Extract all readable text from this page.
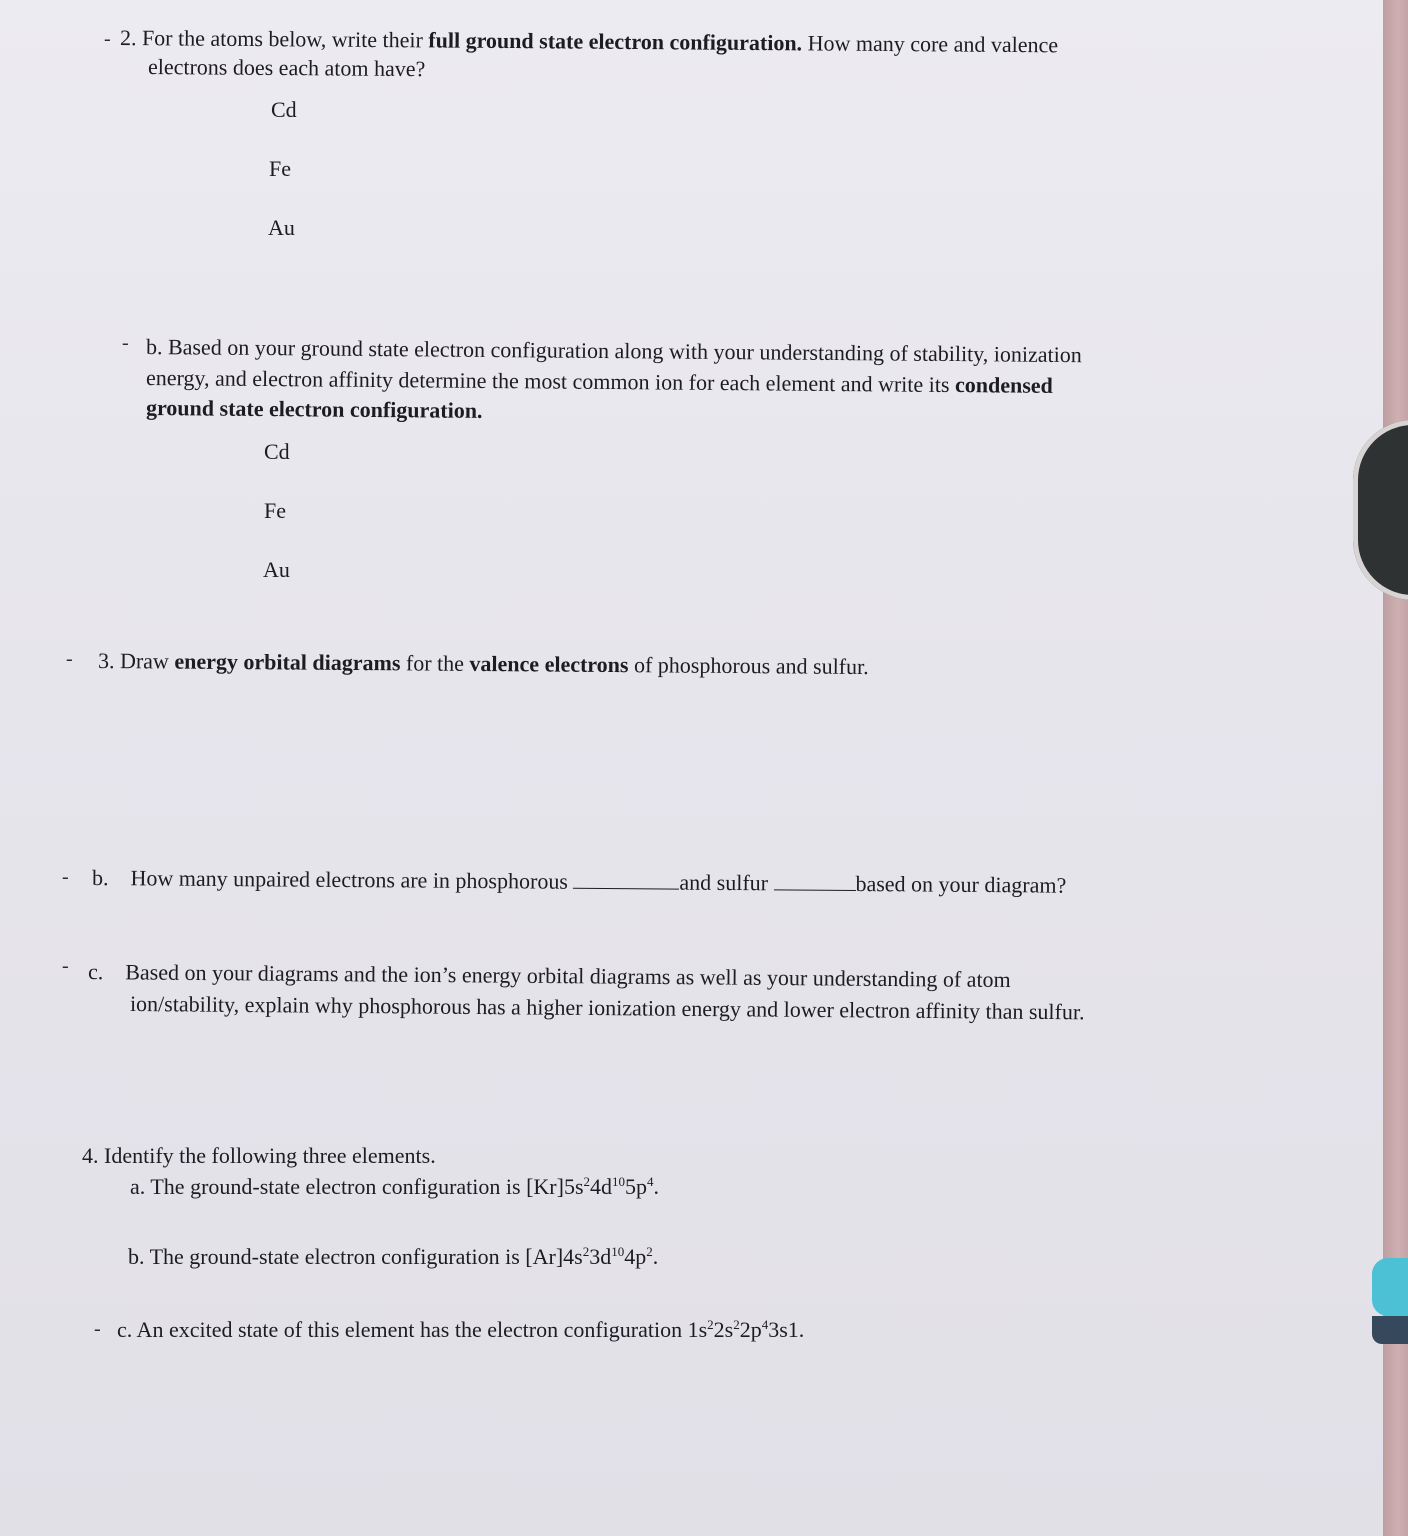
- 2. For the atoms below, write their full ground state electron configuration. How many core and valence
electrons does each atom have?
Cd
Fe
Au
- b. Based on your ground state electron configuration along with your understanding of stability, ionization
energy, and electron affinity determine the most common ion for each element and write its condensed
ground state electron configuration.
Cd
Fe
Au
- 3. Draw energy orbital diagrams for the valence electrons of phosphorous and sulfur.
- b. How many unpaired electrons are in phosphorous	and sulfur	based on your diagram?
- c. Based on your diagrams and the ion’s energy orbital diagrams as well as your understanding of atom
ion/stability, explain why phosphorous has a higher ionization energy and lower electron affinity than sulfur.
4. Identify the following three elements.
a. The ground-state electron configuration is $[Kr]5s^24d^{10}5p^4$.
b. The ground-state electron configuration is $[Ar]4s^23d^{10}4p^2$.
- c. An excited state of this element has the electron configuration $1s^22s^22p^43s1$.
